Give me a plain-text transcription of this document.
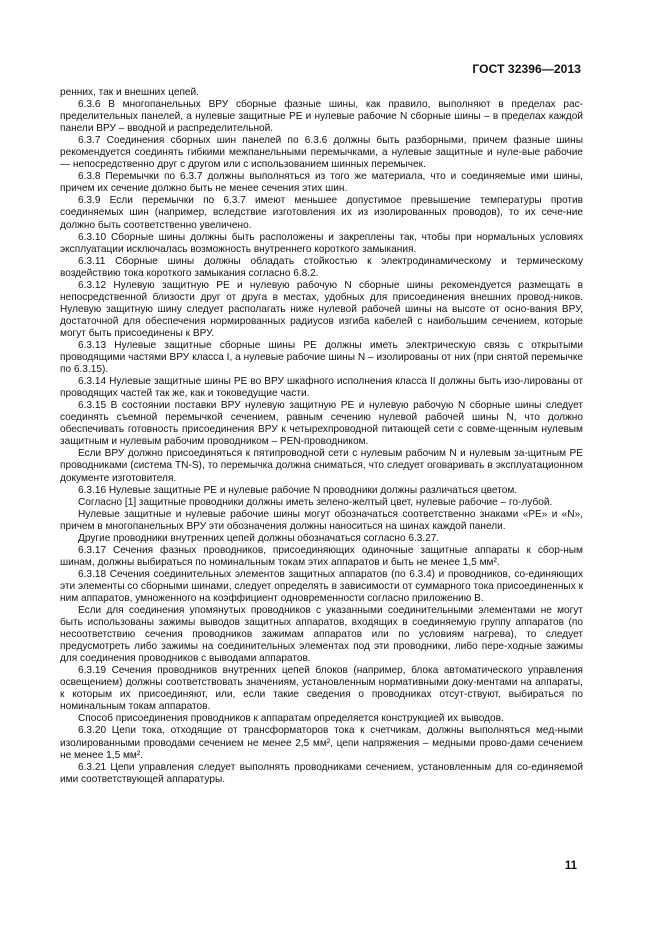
ГОСТ 32396—2013

ренних, так и внешних цепей.

6.3.6 В многопанельных ВРУ сборные фазные шины, как правило, выполняют в пределах рас-пределительных панелей, а нулевые защитные РЕ и нулевые рабочие N сборные шины – в пределах каждой панели ВРУ – вводной и распределительной.

6.3.7 Соединения сборных шин панелей по 6.3.6 должны быть разборными, причем фазные шины рекомендуется соединять гибкими межпанельными перемычками, а нулевые защитные и нуле-вые рабочие — непосредственно друг с другом или с использованием шинных перемычек.

6.3.8 Перемычки по 6.3.7 должны выполняться из того же материала, что и соединяемые ими шины, причем их сечение должно быть не менее сечения этих шин.

6.3.9 Если перемычки по 6.3.7 имеют меньшее допустимое превышение температуры против соединяемых шин (например, вследствие изготовления их из изолированных проводов), то их сече-ние должно быть соответственно увеличено.

6.3.10 Сборные шины должны быть расположены и закреплены так, чтобы при нормальных условиях эксплуатации исключалась возможность внутреннего короткого замыкания.

6.3.11 Сборные шины должны обладать стойкостью к электродинамическому и термическому воздействию тока короткого замыкания согласно 6.8.2.

6.3.12 Нулевую защитную РЕ и нулевую рабочую N сборные шины рекомендуется размещать в непосредственной близости друг от друга в местах, удобных для присоединения внешних провод-ников. Нулевую защитную шину следует располагать ниже нулевой рабочей шины на высоте от осно-вания ВРУ, достаточной для обеспечения нормированных радиусов изгиба кабелей с наибольшим сечением, которые могут быть присоединены к ВРУ.

6.3.13 Нулевые защитные сборные шины РЕ должны иметь электрическую связь с открытыми проводящими частями ВРУ класса I, а нулевые рабочие шины N – изолированы от них (при снятой перемычке по 6.3.15).

6.3.14 Нулевые защитные шины РЕ во ВРУ шкафного исполнения класса II должны быть изо-лированы от проводящих частей так же, как и токоведущие части.

6.3.15 В состоянии поставки ВРУ нулевую защитную РЕ и нулевую рабочую N сборные шины следует соединять съемной перемычкой сечением, равным сечению нулевой рабочей шины N, что должно обеспечивать готовность присоединения ВРУ к четырехпроводной питающей сети с совме-щенным нулевым защитным и нулевым рабочим проводником – PEN-проводником.

Если ВРУ должно присоединяться к пятипроводной сети с нулевым рабочим N и нулевым за-щитным РЕ проводниками (система TN-S), то перемычка должна сниматься, что следует оговаривать в эксплуатационном документе изготовителя.

6.3.16 Нулевые защитные РЕ и нулевые рабочие N проводники должны различаться цветом.

Согласно [1] защитные проводники должны иметь зелено-желтый цвет, нулевые рабочие – го-лубой.

Нулевые защитные и нулевые рабочие шины могут обозначаться соответственно знаками «РЕ» и «N», причем в многопанельных ВРУ эти обозначения должны наноситься на шинах каждой панели.

Другие проводники внутренних цепей должны обозначаться согласно 6.3.27.

6.3.17 Сечения фазных проводников, присоединяющих одиночные защитные аппараты к сбор-ным шинам, должны выбираться по номинальным токам этих аппаратов и быть не менее 1,5 мм².

6.3.18 Сечения соединительных элементов защитных аппаратов (по 6.3.4) и проводников, со-единяющих эти элементы со сборными шинами, следует определять в зависимости от суммарного тока присоединенных к ним аппаратов, умноженного на коэффициент одновременности согласно приложению В.

Если для соединения упомянутых проводников с указанными соединительными элементами не могут быть использованы зажимы выводов защитных аппаратов, входящих в соединяемую группу аппаратов (по несоответствию сечения проводников зажимам аппаратов или по условиям нагрева), то следует предусмотреть либо зажимы на соединительных элементах под эти проводники, либо пере-ходные зажимы для соединения проводников с выводами аппаратов.

6.3.19 Сечения проводников внутренних цепей блоков (например, блока автоматического управления освещением) должны соответствовать значениям, установленным нормативными доку-ментами на аппараты, к которым их присоединяют, или, если такие сведения о проводниках отсут-ствуют, выбираться по номинальным токам аппаратов.

Способ присоединения проводников к аппаратам определяется конструкцией их выводов.

6.3.20 Цепи тока, отходящие от трансформаторов тока к счетчикам, должны выполняться мед-ными изолированными проводами сечением не менее 2,5 мм², цепи напряжения – медными прово-дами сечением не менее 1,5 мм².

6.3.21 Цепи управления следует выполнять проводниками сечением, установленным для со-единяемой ими соответствующей аппаратуры.

11
